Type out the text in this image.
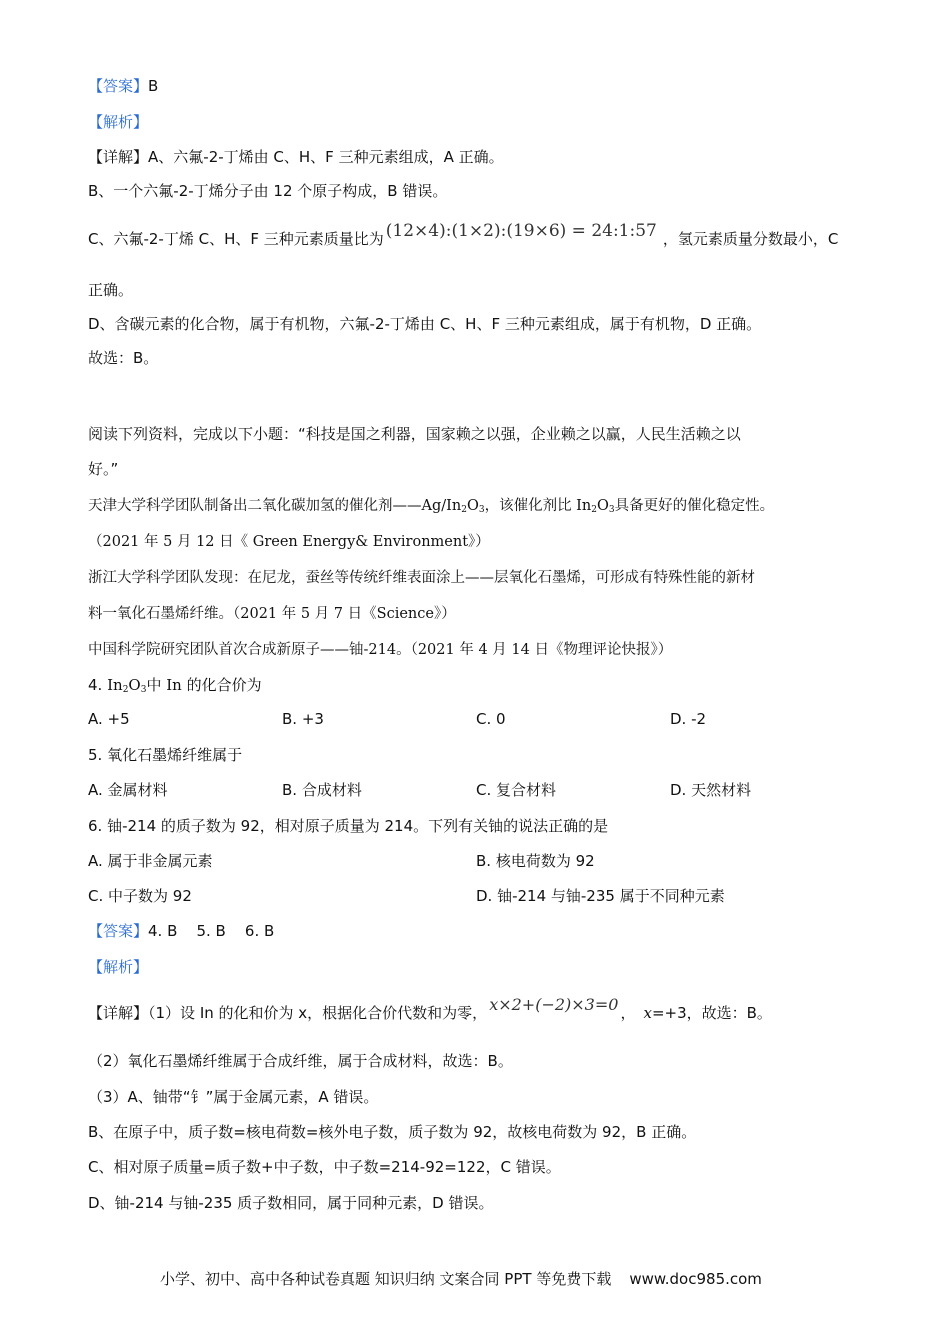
【答案】B
【解析】
【详解】A、六氟-2-丁烯由 C、H、F 三种元素组成，A 正确。
B、一个六氟-2-丁烯分子由 12 个原子构成，B 错误。
C、六氟-2-丁烯 C、H、F 三种元素质量比为 (12×4):(1×2):(19×6) = 24:1:57 ，氢元素质量分数最小，C
正确。
D、含碳元素的化合物，属于有机物，六氟-2-丁烯由 C、H、F 三种元素组成，属于有机物，D 正确。
故选：B。
阅读下列资料，完成以下小题：“科技是国之利器，国家赖之以强，企业赖之以赢，人民生活赖之以
好。”
天津大学科学团队制备出二氧化碳加氢的催化剂$——Ag/In_2O_3$，该催化剂比 $In_2O_3$具备更好的催化稳定性。
（2021 年 5 月 12 日《 Green Energy& Environment》）
浙江大学科学团队发现：在尼龙，蚕丝等传统纤维表面涂上——层氧化石墨烯，可形成有特殊性能的新材
料一氧化石墨烯纤维。（2021 年 5 月 7 日《Science》）
中国科学院研究团队首次合成新原子——铀-214。（2021 年 4 月 14 日《物理评论快报》）
4. $In_2O_3$中 In 的化合价为
A. +5	B. +3	C. 0	D. -2
5. 氧化石墨烯纤维属于
A. 金属材料	B. 合成材料	C. 复合材料	D. 天然材料
6. 铀-214 的质子数为 92，相对原子质量为 214。下列有关铀的说法正确的是
A. 属于非金属元素	B. 核电荷数为 92
C. 中子数为 92	D. 铀-214 与铀-235 属于不同种元素
【答案】4. B    5. B    6. B
【解析】
【详解】（1）设 In 的化和价为 x，根据化合价代数和为零， x×2+(−2)×3=0 ， x=+3，故选：B。
（2）氧化石墨烯纤维属于合成纤维，属于合成材料，故选：B。
（3）A、铀带“钅”属于金属元素，A 错误。
B、在原子中，质子数=核电荷数=核外电子数，质子数为 92，故核电荷数为 92，B 正确。
C、相对原子质量=质子数+中子数，中子数=214-92=122，C 错误。
D、铀-214 与铀-235 质子数相同，属于同种元素，D 错误。
小学、初中、高中各种试卷真题 知识归纳 文案合同 PPT 等免费下载 www.doc985.com
